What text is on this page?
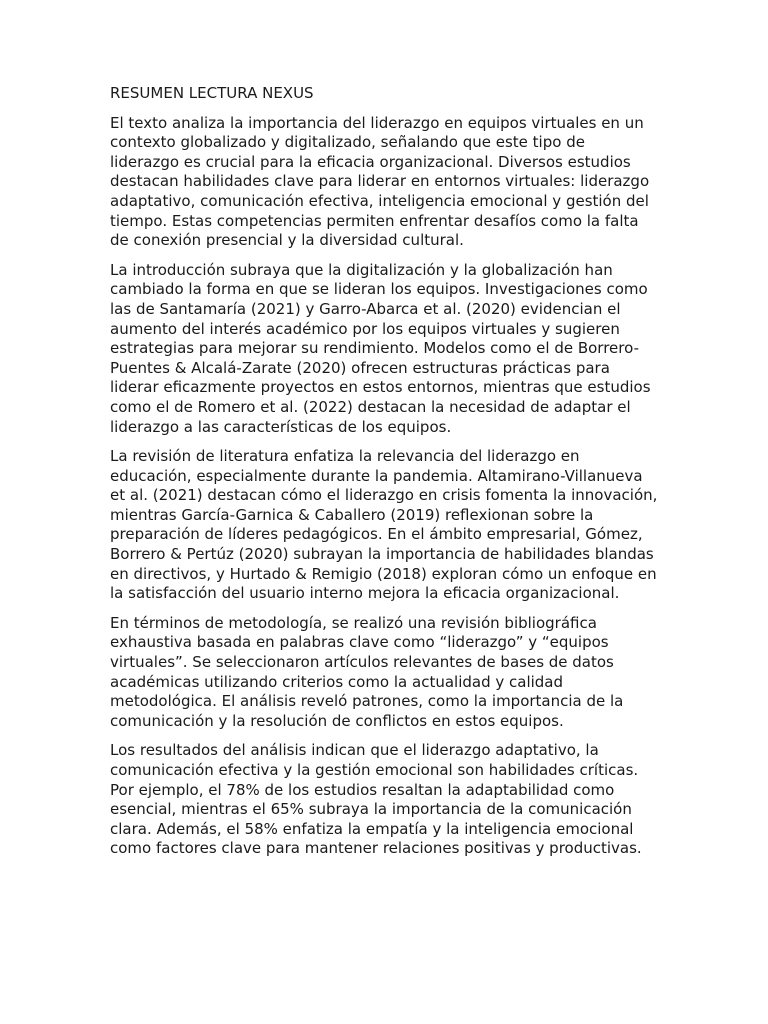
RESUMEN LECTURA NEXUS

El texto analiza la importancia del liderazgo en equipos virtuales en un contexto globalizado y digitalizado, señalando que este tipo de liderazgo es crucial para la eficacia organizacional. Diversos estudios destacan habilidades clave para liderar en entornos virtuales: liderazgo adaptativo, comunicación efectiva, inteligencia emocional y gestión del tiempo. Estas competencias permiten enfrentar desafíos como la falta de conexión presencial y la diversidad cultural.

La introducción subraya que la digitalización y la globalización han cambiado la forma en que se lideran los equipos. Investigaciones como las de Santamaría (2021) y Garro-Abarca et al. (2020) evidencian el aumento del interés académico por los equipos virtuales y sugieren estrategias para mejorar su rendimiento. Modelos como el de Borrero-Puentes & Alcalá-Zarate (2020) ofrecen estructuras prácticas para liderar eficazmente proyectos en estos entornos, mientras que estudios como el de Romero et al. (2022) destacan la necesidad de adaptar el liderazgo a las características de los equipos.

La revisión de literatura enfatiza la relevancia del liderazgo en educación, especialmente durante la pandemia. Altamirano-Villanueva et al. (2021) destacan cómo el liderazgo en crisis fomenta la innovación, mientras García-Garnica & Caballero (2019) reflexionan sobre la preparación de líderes pedagógicos. En el ámbito empresarial, Gómez, Borrero & Pertúz (2020) subrayan la importancia de habilidades blandas en directivos, y Hurtado & Remigio (2018) exploran cómo un enfoque en la satisfacción del usuario interno mejora la eficacia organizacional.

En términos de metodología, se realizó una revisión bibliográfica exhaustiva basada en palabras clave como “liderazgo” y “equipos virtuales”. Se seleccionaron artículos relevantes de bases de datos académicas utilizando criterios como la actualidad y calidad metodológica. El análisis reveló patrones, como la importancia de la comunicación y la resolución de conflictos en estos equipos.

Los resultados del análisis indican que el liderazgo adaptativo, la comunicación efectiva y la gestión emocional son habilidades críticas. Por ejemplo, el 78% de los estudios resaltan la adaptabilidad como esencial, mientras el 65% subraya la importancia de la comunicación clara. Además, el 58% enfatiza la empatía y la inteligencia emocional como factores clave para mantener relaciones positivas y productivas.
